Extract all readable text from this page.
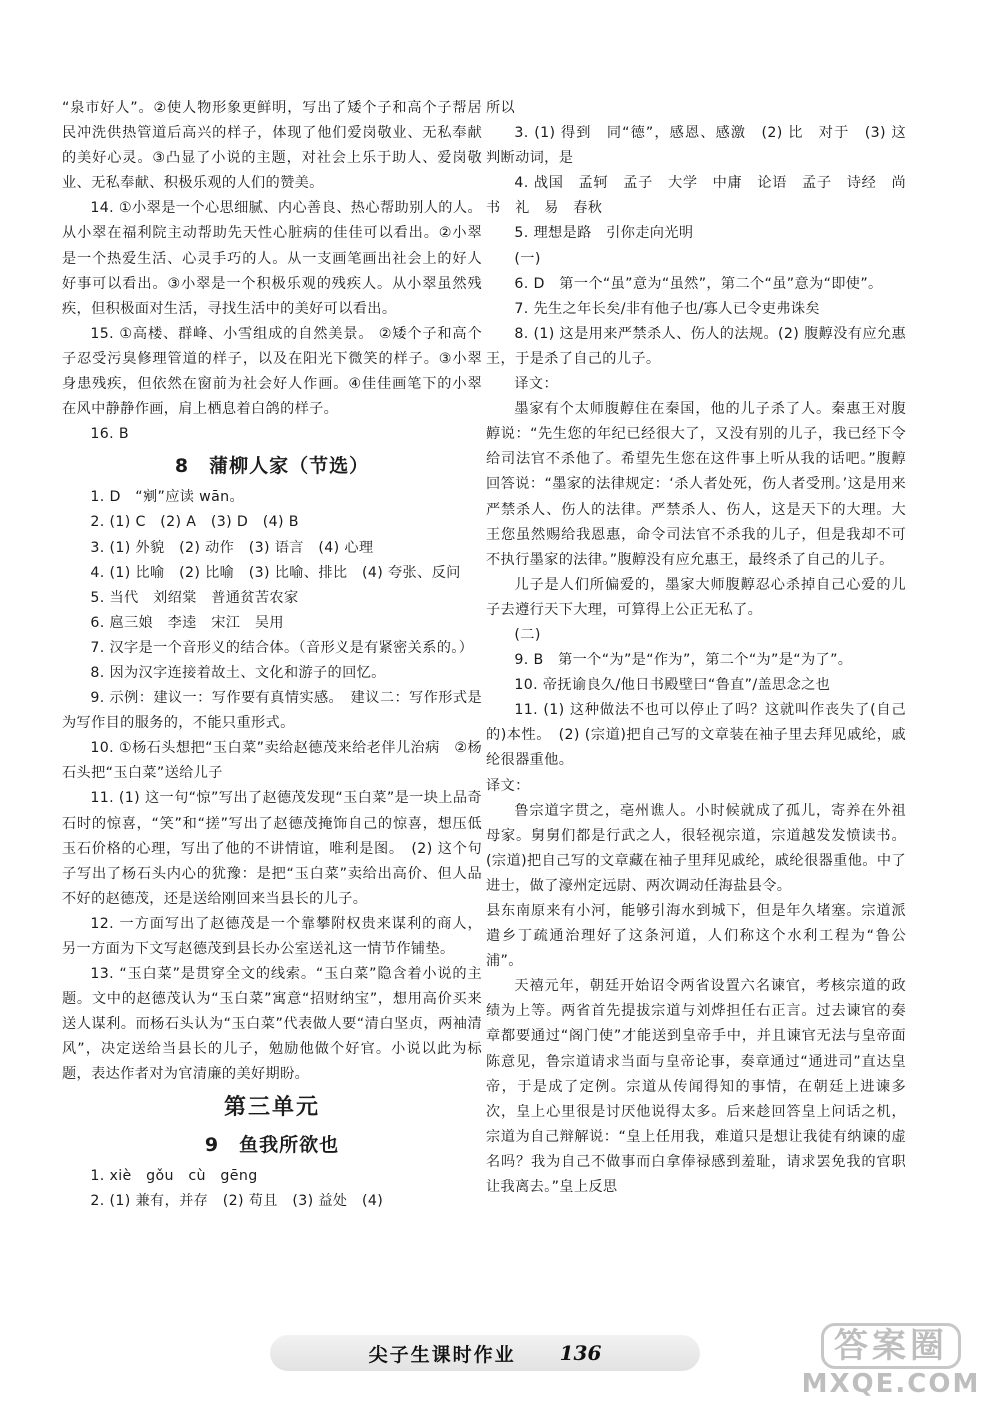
“泉市好人”。②使人物形象更鲜明，写出了矮个子和高个子帮居民冲洗供热管道后高兴的样子，体现了他们爱岗敬业、无私奉献的美好心灵。③凸显了小说的主题，对社会上乐于助人、爱岗敬业、无私奉献、积极乐观的人们的赞美。

14. ①小翠是一个心思细腻、内心善良、热心帮助别人的人。从小翠在福利院主动帮助先天性心脏病的佳佳可以看出。②小翠是一个热爱生活、心灵手巧的人。从一支画笔画出社会上的好人好事可以看出。③小翠是一个积极乐观的残疾人。从小翠虽然残疾，但积极面对生活，寻找生活中的美好可以看出。

15. ①高楼、群峰、小雪组成的自然美景。 ②矮个子和高个子忍受污臭修理管道的样子，以及在阳光下微笑的样子。③小翠身患残疾，但依然在窗前为社会好人作画。④佳佳画笔下的小翠在风中静静作画，肩上栖息着白鸽的样子。

16. B

8　蒲柳人家（节选）

1. D　“剜”应读 wān。

2. (1) C　(2) A　(3) D　(4) B

3. (1) 外貌　(2) 动作　(3) 语言　(4) 心理

4. (1) 比喻　(2) 比喻　(3) 比喻、排比　(4) 夸张、反问

5. 当代　刘绍棠　普通贫苦农家

6. 扈三娘　李逵　宋江　吴用

7. 汉字是一个音形义的结合体。（音形义是有紧密关系的。）

8. 因为汉字连接着故土、文化和游子的回忆。

9. 示例：建议一：写作要有真情实感。　建议二：写作形式是为写作目的服务的，不能只重形式。

10. ①杨石头想把“玉白菜”卖给赵德茂来给老伴儿治病　②杨石头把“玉白菜”送给儿子

11. (1) 这一句“惊”写出了赵德茂发现“玉白菜”是一块上品奇石时的惊喜，“笑”和“搓”写出了赵德茂掩饰自己的惊喜，想压低玉石价格的心理，写出了他的不讲情谊，唯利是图。　(2) 这个句子写出了杨石头内心的犹豫：是把“玉白菜”卖给出高价、但人品不好的赵德茂，还是送给刚回来当县长的儿子。

12. 一方面写出了赵德茂是一个靠攀附权贵来谋利的商人，另一方面为下文写赵德茂到县长办公室送礼这一情节作铺垫。

13. “玉白菜”是贯穿全文的线索。“玉白菜”隐含着小说的主题。文中的赵德茂认为“玉白菜”寓意“招财纳宝”，想用高价买来送人谋利。而杨石头认为“玉白菜”代表做人要“清白坚贞，两袖清风”，决定送给当县长的儿子，勉励他做个好官。小说以此为标题，表达作者对为官清廉的美好期盼。

第三单元
9　鱼我所欲也

1. xiè　gǒu　cù　gēng

2. (1) 兼有，并存　(2) 苟且　(3) 益处　(4)

所以

3. (1) 得到　同“德”，感恩、感激　(2) 比　对于　(3) 这　判断动词，是

4. 战国　孟轲　孟子　大学　中庸　论语　孟子　诗经　尚书　礼　易　春秋

5. 理想是路　引你走向光明

(一)

6. D　第一个“虽”意为“虽然”，第二个“虽”意为“即使”。

7. 先生之年长矣/非有他子也/寡人已令吏弗诛矣

8. (1) 这是用来严禁杀人、伤人的法规。(2) 腹䵍没有应允惠王，于是杀了自己的儿子。

译文：

墨家有个太师腹䵍住在秦国，他的儿子杀了人。秦惠王对腹䵍说：“先生您的年纪已经很大了，又没有别的儿子，我已经下令给司法官不杀他了。希望先生您在这件事上听从我的话吧。”腹䵍回答说：“墨家的法律规定：‘杀人者处死，伤人者受刑。’这是用来严禁杀人、伤人的法律。严禁杀人、伤人，这是天下的大理。大王您虽然赐给我恩惠，命令司法官不杀我的儿子，但是我却不可不执行墨家的法律。”腹䵍没有应允惠王，最终杀了自己的儿子。

儿子是人们所偏爱的，墨家大师腹䵍忍心杀掉自己心爱的儿子去遵行天下大理，可算得上公正无私了。

(二)

9. B　第一个“为”是“作为”，第二个“为”是“为了”。

10. 帝抚谕良久/他日书殿壁曰“鲁直”/盖思念之也

11. (1) 这种做法不也可以停止了吗？这就叫作丧失了(自己的)本性。　(2) (宗道)把自己写的文章装在袖子里去拜见戚纶，戚纶很器重他。

译文：

鲁宗道字贯之，亳州谯人。小时候就成了孤儿，寄养在外祖母家。舅舅们都是行武之人，很轻视宗道，宗道越发发愤读书。(宗道)把自己写的文章藏在袖子里拜见戚纶，戚纶很器重他。中了进士，做了濠州定远尉、两次调动任海盐县令。

县东南原来有小河，能够引海水到城下，但是年久堵塞。宗道派遣乡丁疏通治理好了这条河道，人们称这个水利工程为“鲁公浦”。

天禧元年，朝廷开始诏令两省设置六名谏官，考核宗道的政绩为上等。两省首先提拔宗道与刘烨担任右正言。过去谏官的奏章都要通过“阁门使”才能送到皇帝手中，并且谏官无法与皇帝面陈意见，鲁宗道请求当面与皇帝论事，奏章通过“通进司”直达皇帝，于是成了定例。宗道从传闻得知的事情，在朝廷上进谏多次，皇上心里很是讨厌他说得太多。后来趁回答皇上问话之机，宗道为自己辩解说：“皇上任用我，难道只是想让我徒有纳谏的虚名吗？我为自己不做事而白拿俸禄感到羞耻，请求罢免我的官职让我离去。”皇上反思

尖子生课时作业 136	答案圈
MXQE.COM
